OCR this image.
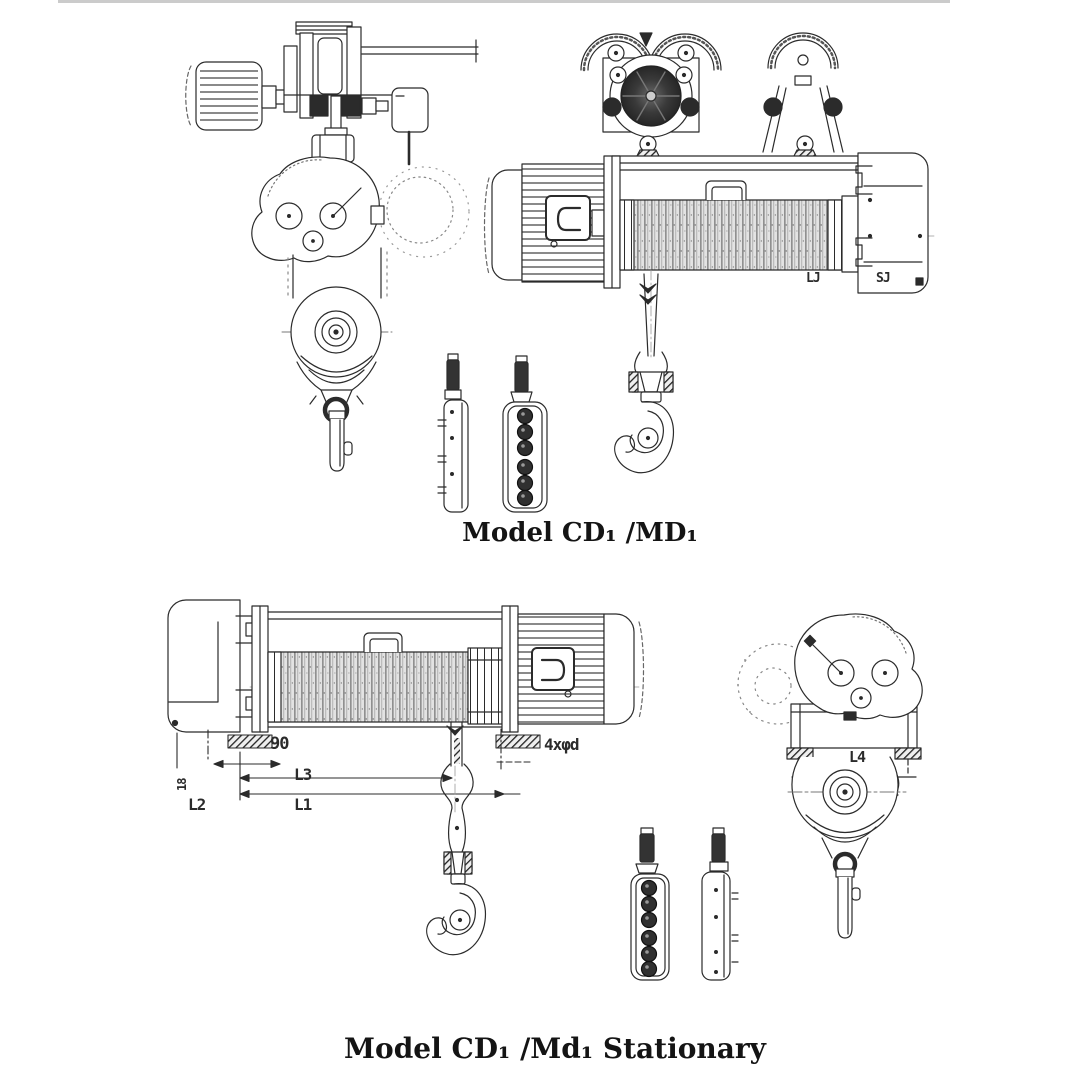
LJ	SJ
90
L3
L1
L2
18
4xφd
L4
Model CD₁ /MD₁
Model CD₁ /Md₁ Stationary
